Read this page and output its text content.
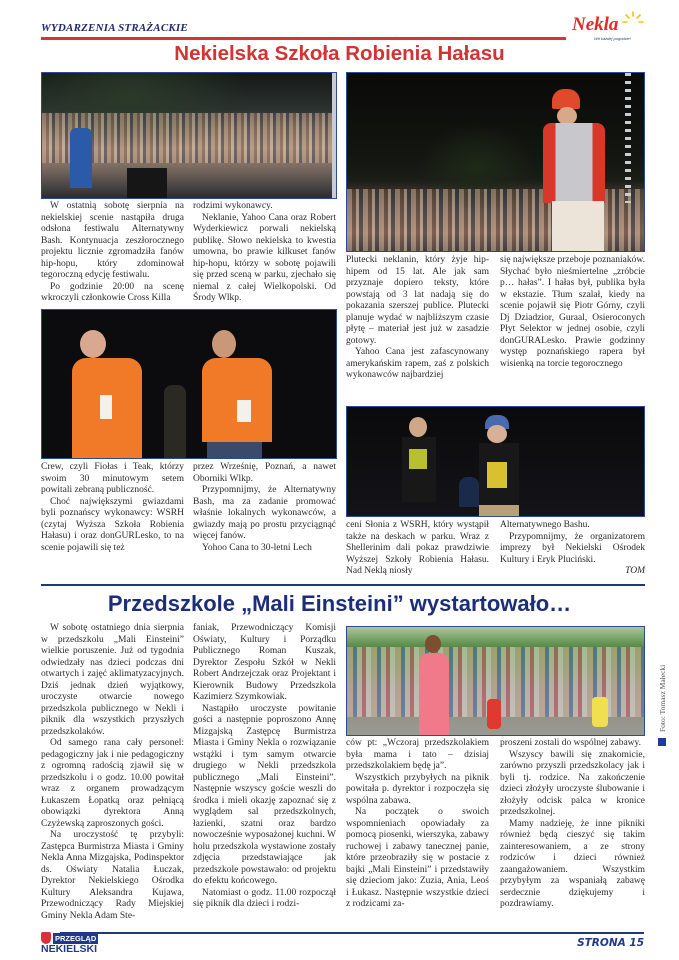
WYDARZENIA STRAŻACKIE	Nekla
Wit każdej pogodzie!
Nekielska Szkoła Robienia Hałasu

W ostatnią sobotę sierpnia na nekielskiej scenie nastąpiła druga odsłona festiwalu Alternatywny Bash. Kontynuacja zeszłorocznego projektu licznie zgromadziła fanów hip-hopu, który zdominował tegoroczną edycję festiwalu.

Po godzinie 20:00 na scenę wkroczyli członkowie Cross Killa

rodzimi wykonawcy.

Neklanie, Yahoo Cana oraz Robert Wyderkiewicz porwali nekielską publikę. Słowo nekielska to kwestia umowna, bo prawie kilkuset fanów hip-hopu, którzy w sobotę pojawili się przed sceną w parku, zjechało się niemal z całej Wielkopolski. Od Środy Wlkp.

Crew, czyli Fiołas i Teak, którzy swoim 30 minutowym setem powitali zebraną publiczność.

Choć największymi gwiazdami byli poznańscy wykonawcy: WSRH (czytaj Wyższa Szkoła Robienia Hałasu) i oraz donGURLesko, to na scenie pojawili się też

przez Wrześnię, Poznań, a nawet Oborniki Wlkp.

Przypomnijmy, że Alternatywny Bash, ma za zadanie promować właśnie lokalnych wykonawców, a gwiazdy mają po prostu przyciągnąć więcej fanów.

Yohoo Cana to 30-letni Lech

Plutecki neklanin, który żyje hip-hipem od 15 lat. Ale jak sam przyznaje dopiero teksty, które powstają od 3 lat nadają się do pokazania szerszej publice. Plutecki planuje wydać w najbliższym czasie płytę – materiał jest już w zasadzie gotowy.

Yahoo Cana jest zafascynowany amerykańskim rapem, zaś z polskich wykonawców najbardziej

się największe przeboje poznaniaków. Słychać było nieśmiertelne „zróbcie p… hałas”. I hałas był, publika była w ekstazie. Tłum szalał, kiedy na scenie pojawił się Piotr Górny, czyli Dj Dziadzior, Guraal, Osieroconych Płyt Selektor w jednej osobie, czyli donGURALesko. Prawie godzinny występ poznańskiego rapera był wisienką na torcie tegorocznego

ceni Słonia z WSRH, który wystąpił także na deskach w parku. Wraz z Shellerinim dali pokaz prawdziwie Wyższej Szkoły Robienia Hałasu. Nad Neklą niosły

Alternatywnego Bashu.

Przypomnijmy, że organizatorem imprezy był Nekielski Ośrodek Kultury i Eryk Pluciński.

TOM
Przedszkole „Mali Einsteini” wystartowało…

W sobotę ostatniego dnia sierpnia w przedszkolu „Mali Einsteini” wielkie poruszenie. Już od tygodnia odwiedzały nas dzieci podczas dni otwartych i zajęć aklimatyzacyjnych. Dziś jednak dzień wyjątkowy, uroczyste otwarcie nowego przedszkola publicznego w Nekli i piknik dla wszystkich przyszłych przedszkolaków.

Od samego rana cały personel: pedagogiczny jak i nie pedagogiczny z ogromną radością zjawił się w przedszkolu i o godz. 10.00 powitał wraz z organem prowadzącym Łukaszem Łopatką oraz pełniącą obowiązki dyrektora Anną Czyżewską zaproszonych gości.

Na uroczystość tę przybyli: Zastępca Burmistrza Miasta i Gminy Nekla Anna Mizgajska, Podinspektor ds. Oświaty Natalia Łuczak, Dyrektor Nekielskiego Ośrodka Kultury Aleksandra Kujawa, Przewodniczący Rady Miejskiej Gminy Nekla Adam Ste-

faniak, Przewodniczący Komisji Oświaty, Kultury i Porządku Publicznego Roman Kuszak, Dyrektor Zespołu Szkół w Nekli Robert Andrzejczak oraz Projektant i Kierownik Budowy Przedszkola Kazimierz Szymkowiak.

Nastąpiło uroczyste powitanie gości a następnie poproszono Annę Mizgajską Zastępcę Burmistrza Miasta i Gminy Nekla o rozwiązanie wstążki i tym samym otwarcie drugiego w Nekli przedszkola publicznego „Mali Einsteini”. Następnie wszyscy goście weszli do środka i mieli okazję zapoznać się z wyglądem sal przedszkolnych, łazienki, szatni oraz bardzo nowocześnie wyposażonej kuchni. W holu przedszkola wystawione zostały zdjęcia przedstawiające jak przedszkole powstawało: od projektu do efektu końcowego.

Natomiast o godz. 11.00 rozpoczął się piknik dla dzieci i rodzi-

Foto: Tomasz Małecki

ców pt: „Wczoraj przedszkolakiem była mama i tato – dzisiaj przedszkolakiem będę ja”.

Wszystkich przybyłych na piknik powitała p. dyrektor i rozpoczęła się wspólna zabawa.

Na początek o swoich wspomnieniach opowiadały za pomocą piosenki, wierszyka, zabawy ruchowej i zabawy tanecznej panie, które przeobraziły się w postacie z bajki „Mali Einsteini” i przedstawiły się dzieciom jako: Zuzia, Ania, Leoś i Łukasz. Następnie wszystkie dzieci z rodzicami za-

proszeni zostali do wspólnej zabawy.

Wszyscy bawili się znakomicie, zarówno przyszli przedszkolacy jak i byli tj. rodzice. Na zakończenie dzieci złożyły uroczyste ślubowanie i złożyły odcisk palca w kronice przedszkolnej.

Mamy nadzieję, że inne pikniki również będą cieszyć się takim zainteresowaniem, a ze strony rodziców i dzieci również zaangażowaniem. Wszystkim przybyłym za wspaniałą zabawę serdecznie dziękujemy i pozdrawiamy.

PRZEGLĄD
NEKIELSKI	STRONA 15
